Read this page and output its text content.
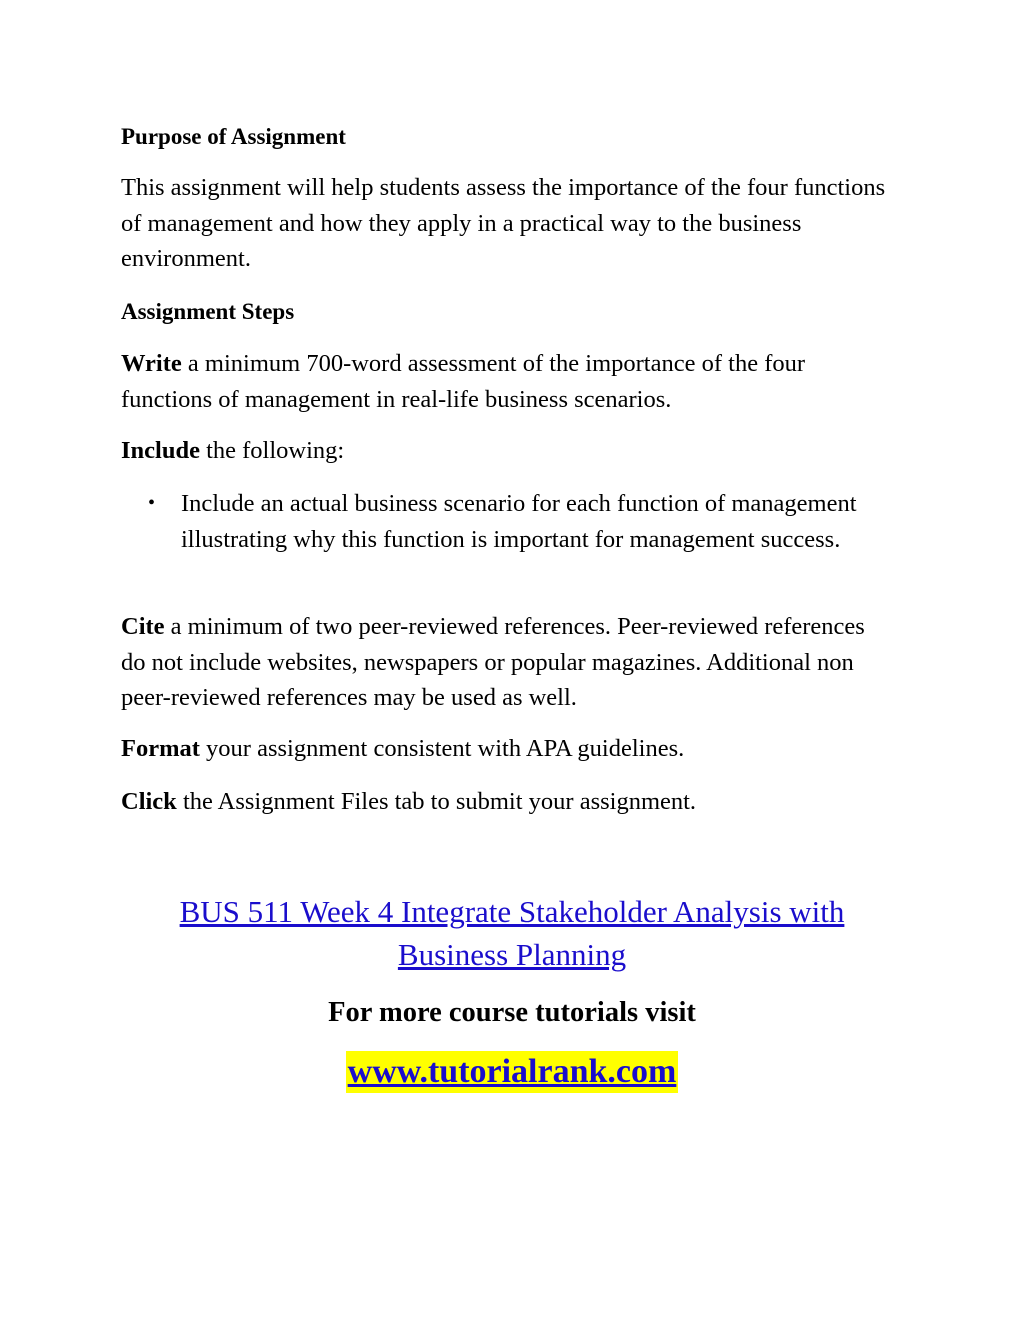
Purpose of Assignment
This assignment will help students assess the importance of the four functions of management and how they apply in a practical way to the business environment.
Assignment Steps
Write a minimum 700-word assessment of the importance of the four functions of management in real-life business scenarios.
Include the following:
• Include an actual business scenario for each function of management illustrating why this function is important for management success.
Cite a minimum of two peer-reviewed references. Peer-reviewed references do not include websites, newspapers or popular magazines. Additional non peer-reviewed references may be used as well.
Format your assignment consistent with APA guidelines.
Click the Assignment Files tab to submit your assignment.
BUS 511 Week 4 Integrate Stakeholder Analysis with
Business Planning
For more course tutorials visit
www.tutorialrank.com
